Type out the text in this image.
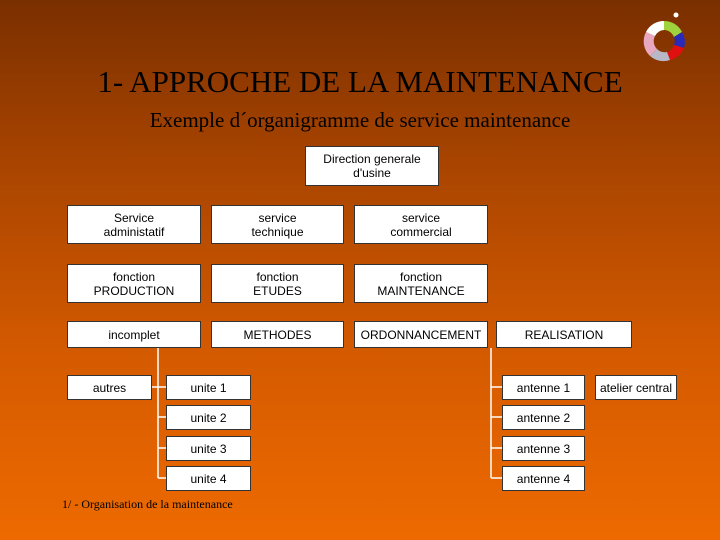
1- APPROCHE DE LA MAINTENANCE
Exemple d´organigramme de service maintenance
Direction generale
d'usine
Service
administatif
service
technique
service
commercial
fonction
PRODUCTION
fonction
ETUDES
fonction
MAINTENANCE
incomplet	METHODES	ORDONNANCEMENT	REALISATION
autres	unite 1
unite 2
unite 3
unite 4
antenne 1
antenne 2
antenne 3
antenne 4
atelier central
1/ - Organisation de la maintenance
